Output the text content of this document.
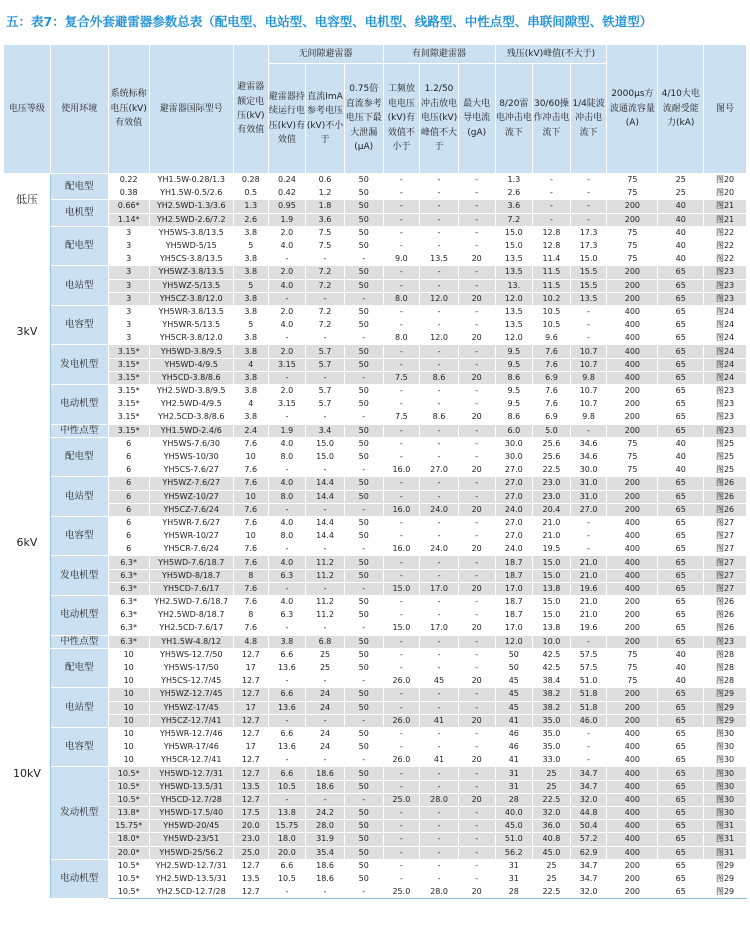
五：表7：复合外套避雷器参数总表（配电型、电站型、电容型、电机型、线路型、中性点型、串联间隙型、铁道型）
电压等级	使用环境	系统标称电压(kV)有效值	避雷器国际型号	避雷器额定电压(kV)有效值	无间隙避雷器			有间隙避雷器			残压(kV)峰值(不大于)			2000μs方波通流容量(A)	4/10大电流耐受能力(kA)	图号
					避雷器持续运行电压(kV)有效值	直流ImA参考电压(kV)不小于	0.75倍直流参考电压下最大泄漏(μA)	工频放电电压(kV)有效值不小于	1.2/50冲击放电电压(kV)峰值不大于	最大电导电流(gA)	8/20雷电冲击电流下	30/60操作冲击电流下	1/4陡波冲击电流下			
低压	配电型	0.22	YH1.5W-0.28/1.3	0.28	0.24	0.6	50	-	-	-	1.3	-	-	75	25	图20
		0.38	YH1.5W-0.5/2.6	0.5	0.42	1.2	50	-	-	-	2.6	-	-	75	25	图20
	电机型	0.66*	YH2.5WD-1.3/3.6	1.3	0.95	1.8	50	-	-	-	3.6	-	-	200	40	图21
		1.14*	YH2.5WD-2.6/7.2	2.6	1.9	3.6	50	-	-	-	7.2	-	-	200	40	图21
3kV	配电型	3	YH5WS-3.8/13.5	3.8	2.0	7.5	50	-	-	-	15.0	12.8	17.3	75	40	图22
		3	YH5WD-5/15	5	4.0	7.5	50	-	-	-	15.0	12.8	17.3	75	40	图22
		3	YH5CS-3.8/13.5	3.8	-	-	-	9.0	13.5	20	13.5	11.4	15.0	75	40	图22
	电站型	3	YH5WZ-3.8/13.5	3.8	2.0	7.2	50	-	-	-	13.5	11.5	15.5	200	65	图23
		3	YH5WZ-5/13.5	5	4.0	7.2	50	-	-	-	13.	11.5	15.5	200	65	图23
		3	YH5CZ-3.8/12.0	3.8	-	-	-	8.0	12.0	20	12.0	10.2	13.5	200	65	图23
	电容型	3	YH5WR-3.8/13.5	3.8	2.0	7.2	50	-	-	-	13.5	10.5	-	400	65	图24
		3	YH5WR-5/13.5	5	4.0	7.2	50	-	-	-	13.5	10.5	-	400	65	图24
		3	YH5CR-3.8/12.0	3.8	-	-	-	8.0	12.0	20	12.0	9.6	-	400	65	图24
	发电机型	3.15*	YH5WD-3.8/9.5	3.8	2.0	5.7	50	-	-	-	9.5	7.6	10.7	400	65	图24
		3.15*	YH5WD-4/9.5	4	3.15	5.7	50	-	-	-	9.5	7.6	10.7	400	65	图24
		3.15*	YH5CD-3.8/8.6	3.8	-	-	-	7.5	8.6	20	8.6	6.9	9.8	400	65	图24
	电动机型	3.15*	YH2.5WD-3.8/9.5	3.8	2.0	5.7	50	-	-	-	9.5	7.6	10.7	200	65	图23
		3.15*	YH2.5WD-4/9.5	4	3.15	5.7	50	-	-	-	9.5	7.6	10.7	200	65	图23
		3.15*	YH2.5CD-3.8/8.6	3.8	-	-	-	7.5	8.6	20	8.6	6.9	9.8	200	65	图23
	中性点型	3.15*	YH1.5WD-2.4/6	2.4	1.9	3.4	50	-	-	-	6.0	5.0	-	200	65	图23
6kV	配电型	6	YH5WS-7.6/30	7.6	4.0	15.0	50	-	-	-	30.0	25.6	34.6	75	40	图25
		6	YH5WS-10/30	10	8.0	15.0	50	-	-	-	30.0	25.6	34.6	75	40	图25
		6	YH5CS-7.6/27	7.6	-	-	-	16.0	27.0	20	27.0	22.5	30.0	75	40	图25
	电站型	6	YH5WZ-7.6/27	7.6	4.0	14.4	50	-	-	-	27.0	23.0	31.0	200	65	图26
		6	YH5WZ-10/27	10	8.0	14.4	50	-	-	-	27.0	23.0	31.0	200	65	图26
		6	YH5CZ-7.6/24	7.6	-	-	-	16.0	24.0	20	24.0	20.4	27.0	200	65	图26
	电容型	6	YH5WR-7.6/27	7.6	4.0	14.4	50	-	-	-	27.0	21.0	-	400	65	图27
		6	YH5WR-10/27	10	8.0	14.4	50	-	-	-	27.0	21.0	-	400	65	图27
		6	YH5CR-7.6/24	7.6	-	-	-	16.0	24.0	20	24.0	19.5	-	400	65	图27
	发电机型	6.3*	YH5WD-7.6/18.7	7.6	4.0	11.2	50	-	-	-	18.7	15.0	21.0	400	65	图27
		6.3*	YH5WD-8/18.7	8	6.3	11.2	50	-	-	-	18.7	15.0	21.0	400	65	图27
		6.3*	YH5CD-7.6/17	7.6	-	-	-	15.0	17.0	20	17.0	13.8	19.6	400	65	图27
	电动机型	6.3*	YH2.5WD-7.6/18.7	7.6	4.0	11.2	50	-	-	-	18.7	15.0	21.0	200	65	图26
		6.3*	YH2.5WD-8/18.7	8	6.3	11.2	50	-	-	-	18.7	15.0	21.0	200	65	图26
		6.3*	YH2.5CD-7.6/17	7.6	-	-	-	15.0	17.0	20	17.0	13.8	19.6	200	65	图26
	中性点型	6.3*	YH1.5W-4.8/12	4.8	3.8	6.8	50	-	-	-	12.0	10.0	-	200	65	图23
10kV	配电型	10	YH5WS-12.7/50	12.7	6.6	25	50	-	-	-	50	42.5	57.5	75	40	图28
		10	YH5WS-17/50	17	13.6	25	50	-	-	-	50	42.5	57.5	75	40	图28
		10	YH5CS-12.7/45	12.7	-	-	-	26.0	45	20	45	38.4	51.0	75	40	图28
	电站型	10	YH5WZ-12.7/45	12.7	6.6	24	50	-	-	-	45	38.2	51.8	200	65	图29
		10	YH5WZ-17/45	17	13.6	24	50	-	-	-	45	38.2	51.8	200	65	图29
		10	YH5CZ-12.7/41	12.7	-	-	-	26.0	41	20	41	35.0	46.0	200	65	图29
	电容型	10	YH5WR-12.7/46	12.7	6.6	24	50	-	-	-	46	35.0	-	400	65	图30
		10	YH5WR-17/46	17	13.6	24	50	-	-	-	46	35.0	-	400	65	图30
		10	YH5CR-12.7/41	12.7	-	-	-	26.0	41	20	41	33.0	-	400	65	图30
	发动机型	10.5*	YH5WD-12.7/31	12.7	6.6	18.6	50	-	-	-	31	25	34.7	400	65	图30
		10.5*	YH5WD-13.5/31	13.5	10.5	18.6	50	-	-	-	31	25	34.7	400	65	图30
		10.5*	YH5CD-12.7/28	12.7	-	-	-	25.0	28.0	20	28	22.5	32.0	400	65	图30
		13.8*	YH5WD-17.5/40	17.5	13.8	24.2	50	-	-	-	40.0	32.0	44.8	400	65	图30
		15.75*	YH5WD-20/45	20.0	15.75	28.0	50	-	-	-	45.0	36.0	50.4	400	65	图31
		18.0*	YH5WD-23/51	23.0	18.0	31.9	50	-	-	-	51.0	40.8	57.2	400	65	图31
		20.0*	YH5WD-25/56.2	25.0	20.0	35.4	50	-	-	-	56.2	45.0	62.9	400	65	图31
	电动机型	10.5*	YH2.5WD-12.7/31	12.7	6.6	18.6	50	-	-	-	31	25	34.7	200	65	图29
		10.5*	YH2.5WD-13.5/31	13.5	10.5	18.6	50	-	-	-	31	25	34.7	200	65	图29
		10.5*	YH2.5CD-12.7/28	12.7	-	-	-	25.0	28.0	20	28	22.5	32.0	200	65	图29
